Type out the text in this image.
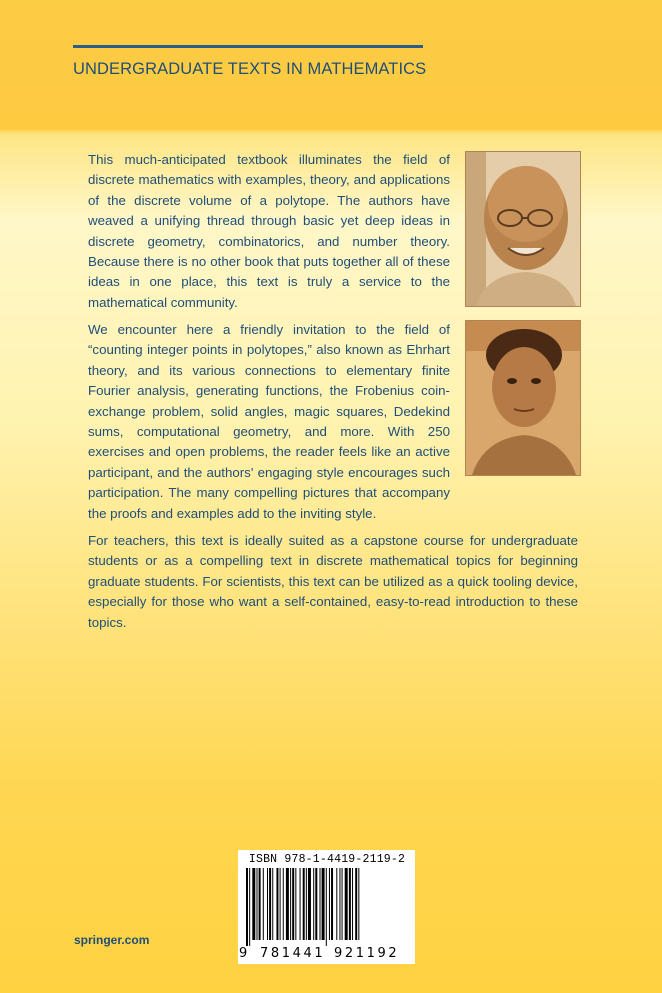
UNDERGRADUATE TEXTS IN MATHEMATICS

This much-anticipated textbook illuminates the field of discrete mathematics with examples, theory, and applications of the discrete volume of a polytope. The authors have weaved a unifying thread through basic yet deep ideas in discrete geometry, combinatorics, and number theory. Because there is no other book that puts together all of these ideas in one place, this text is truly a service to the mathematical community.

We encounter here a friendly invitation to the field of “counting integer points in polytopes,” also known as Ehrhart theory, and its various connections to elementary finite Fourier analysis, generating functions, the Frobenius coin-exchange problem, solid angles, magic squares, Dedekind sums, computational geometry, and more. With 250 exercises and open problems, the reader feels like an active participant, and the authors' engaging style encourages such participation. The many compelling pictures that accompany the proofs and examples add to the inviting style.

For teachers, this text is ideally suited as a capstone course for undergraduate students or as a compelling text in discrete mathematical topics for beginning graduate students. For scientists, this text can be utilized as a quick tooling device, especially for those who want a self-contained, easy-to-read introduction to these topics.

springer.com
ISBN 978-1-4419-2119-2
9 781441 921192
